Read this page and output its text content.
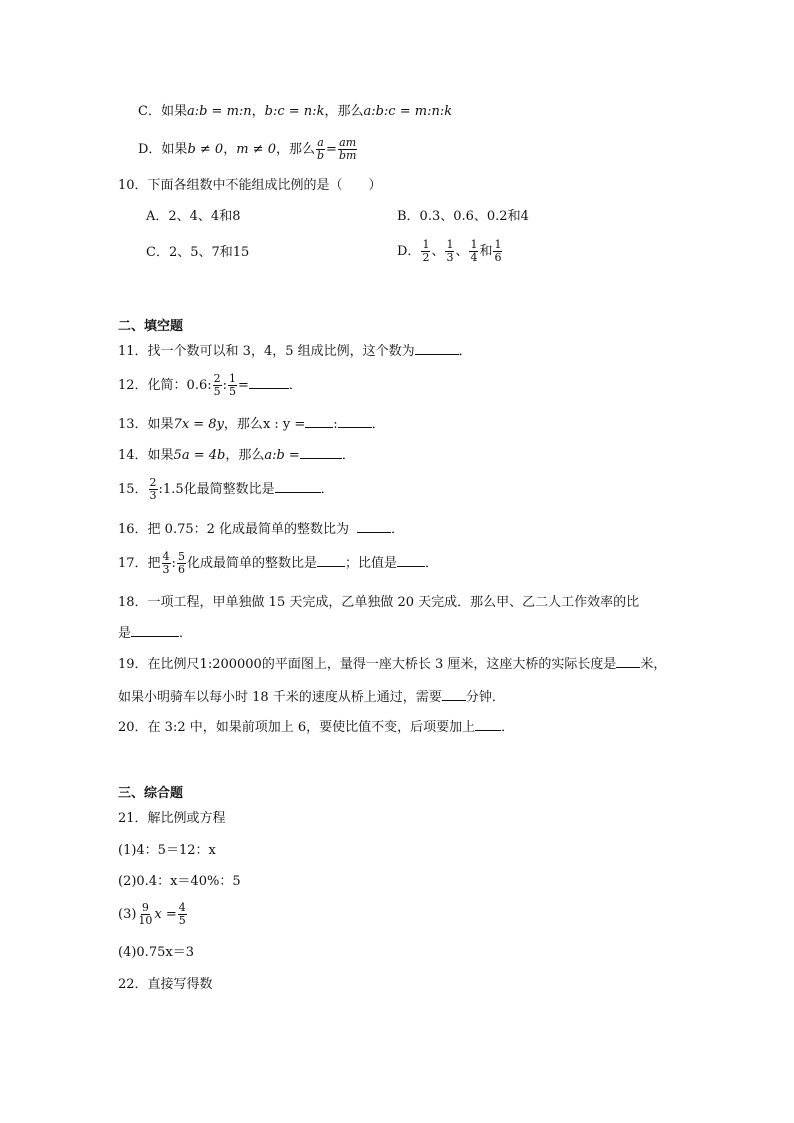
C．如果a:b = m:n，b:c = n:k，那么a:b:c = m:n:k
D．如果b ≠ 0，m ≠ 0，那么 $\frac{a}{b} = \frac{am}{bm}$
10．下面各组数中不能组成比例的是（　　）
A．2、4、4和8	B．0.3、0.6、0.2和4
C．2、5、7和15	D． $\frac{1}{2}$ 、 $\frac{1}{3}$ 、 $\frac{1}{4}$ 和 $\frac{1}{6}$
二、填空题
11．找一个数可以和 3，4，5 组成比例，这个数为	．
12．化简：0.6: $\frac{2}{5}$ : $\frac{1}{5}$ =	．
13．如果7x = 8y，那么x : y = :	．
14．如果5a = 4b，那么a:b =	．
15． $\frac{2}{3}$ :1.5化最简整数比是	．
16．把 0.75：2 化成最简单的整数比为	．
17．把 $\frac{4}{3}$ : $\frac{5}{6}$ 化成最简单的整数比是 ；比值是 ．
18．一项工程，甲单独做 15 天完成，乙单独做 20 天完成．那么甲、乙二人工作效率的比
是	．
19．在比例尺1:200000的平面图上，量得一座大桥长 3 厘米，这座大桥的实际长度是 米，
如果小明骑车以每小时 18 千米的速度从桥上通过，需要 分钟．
20．在 3:2 中，如果前项加上 6，要使比值不变，后项要加上 ．
三、综合题
21．解比例或方程
(1)4：5＝12：x
(2)0.4：x＝40%：5
$(3) \frac{9}{10}$ $x = \frac{4}{5}$
(4)0.75x＝3
22．直接写得数
